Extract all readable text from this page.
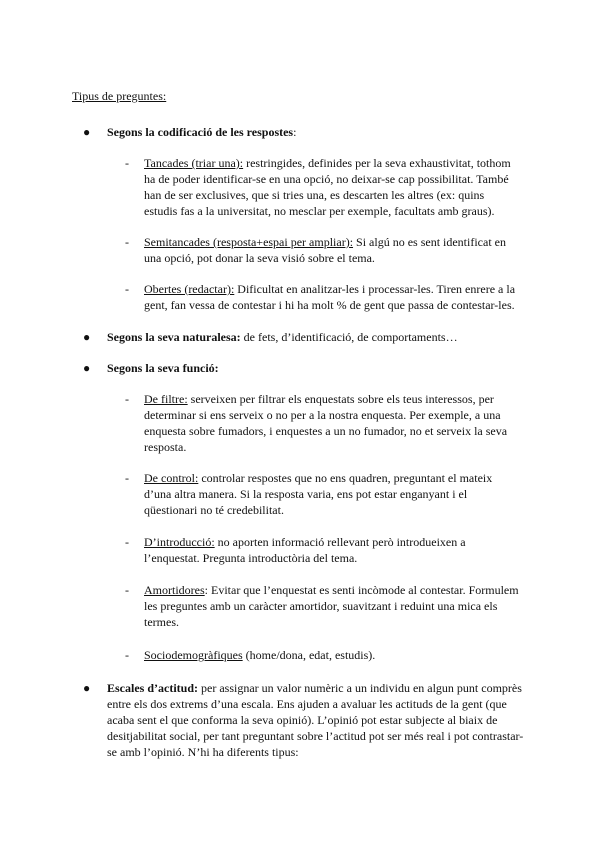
Tipus de preguntes:
● Segons la codificació de les respostes:
- Tancades (triar una): restringides, definides per la seva exhaustivitat, tothom ha de poder identificar-se en una opció, no deixar-se cap possibilitat. També han de ser exclusives, que si tries una, es descarten les altres (ex: quins estudis fas a la universitat, no mesclar per exemple, facultats amb graus).
- Semitancades (resposta+espai per ampliar): Si algú no es sent identificat en una opció, pot donar la seva visió sobre el tema.
- Obertes (redactar): Dificultat en analitzar-les i processar-les. Tiren enrere a la gent, fan vessa de contestar i hi ha molt % de gent que passa de contestar-les.
● Segons la seva naturalesa: de fets, d’identificació, de comportaments…
● Segons la seva funció:
- De filtre: serveixen per filtrar els enquestats sobre els teus interessos, per determinar si ens serveix o no per a la nostra enquesta. Per exemple, a una enquesta sobre fumadors, i enquestes a un no fumador, no et serveix la seva resposta.
- De control: controlar respostes que no ens quadren, preguntant el mateix d’una altra manera. Si la resposta varia, ens pot estar enganyant i el qüestionari no té credebilitat.
- D’introducció: no aporten informació rellevant però introdueixen a l’enquestat. Pregunta introductòria del tema.
- Amortidores: Evitar que l’enquestat es senti incòmode al contestar. Formulem les preguntes amb un caràcter amortidor, suavitzant i reduint una mica els termes.
- Sociodemogràfiques (home/dona, edat, estudis).
● Escales d’actitud: per assignar un valor numèric a un individu en algun punt comprès entre els dos extrems d’una escala. Ens ajuden a avaluar les actituds de la gent (que acaba sent el que conforma la seva opinió). L’opinió pot estar subjecte al biaix de desitjabilitat social, per tant preguntant sobre l’actitud pot ser més real i pot contrastar-se amb l’opinió. N’hi ha diferents tipus:
